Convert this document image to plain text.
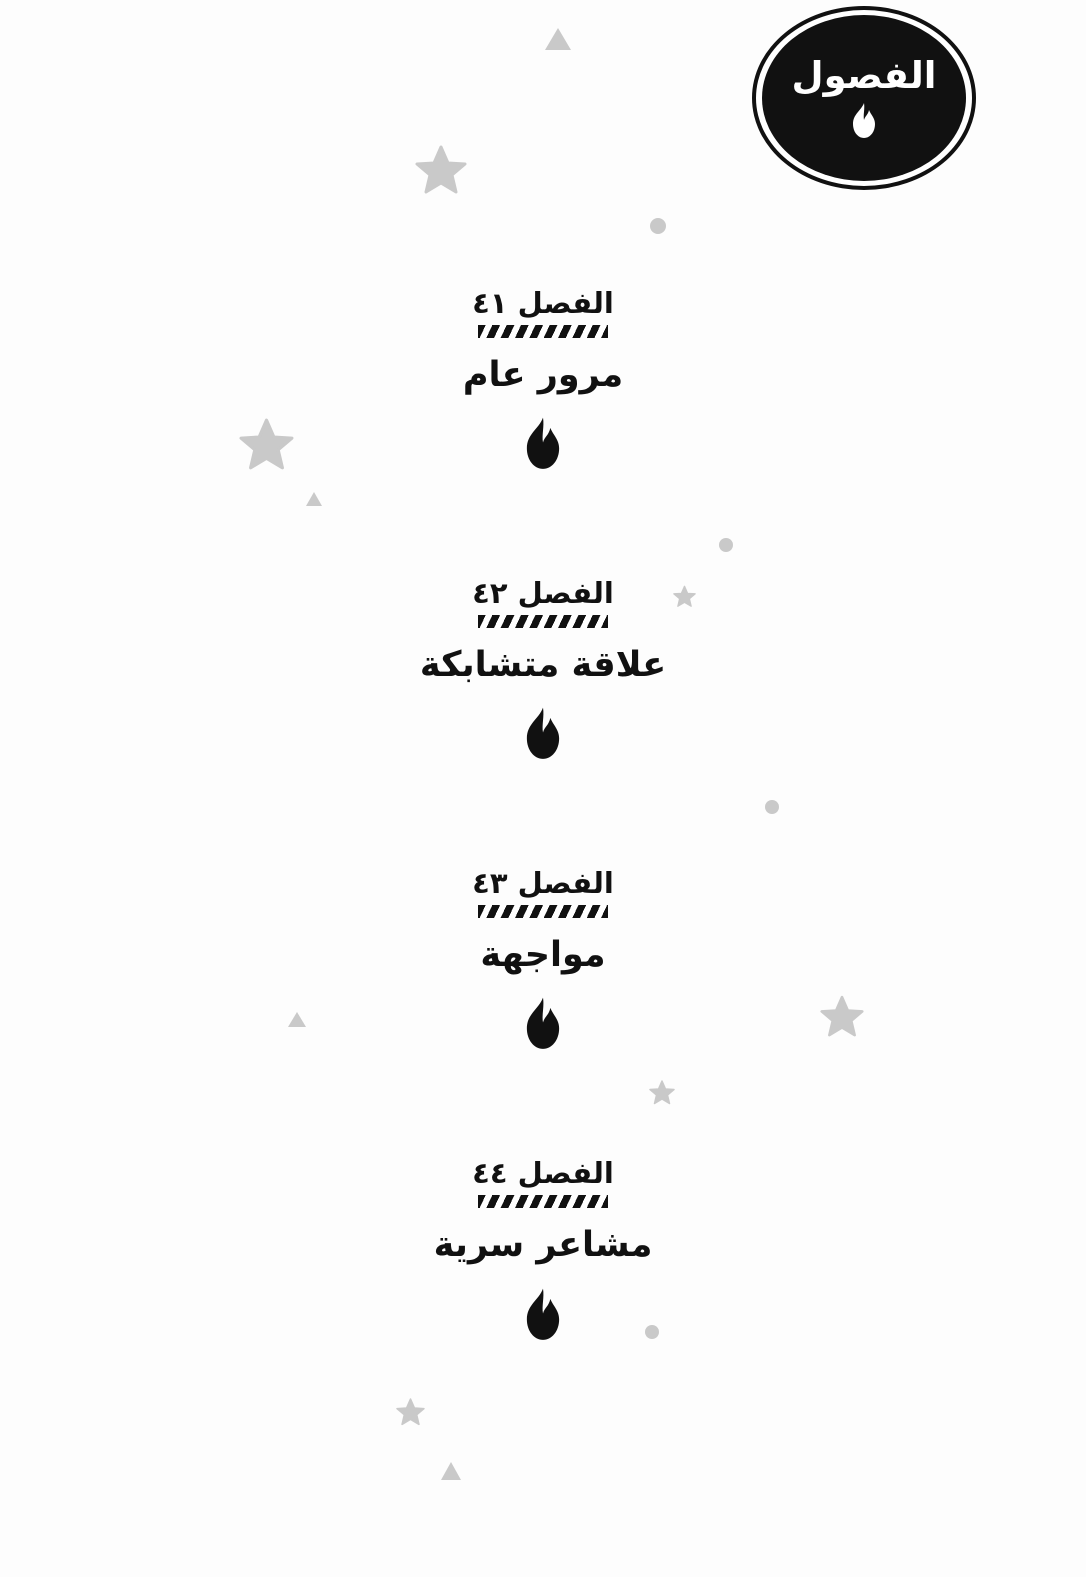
الفصول
الفصل ٤١
مرور عام
الفصل ٤٢
علاقة متشابكة
الفصل ٤٣
مواجهة
الفصل ٤٤
مشاعر سرية
